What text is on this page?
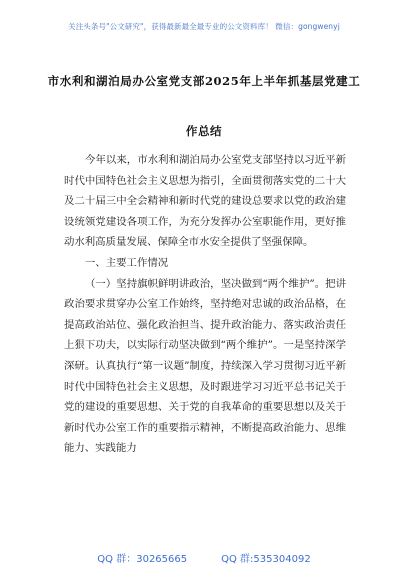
关注头条号"公文研究"，获得最新最全最专业的公文资料库！ 微信：gongwenyj
市水利和湖泊局办公室党支部2025年上半年抓基层党建工
作总结

今年以来，市水利和湖泊局办公室党支部坚持以习近平新时代中国特色社会主义思想为指引，全面贯彻落实党的二十大及二十届三中全会精神和新时代党的建设总要求以党的政治建设统领党建设各项工作，为充分发挥办公室职能作用，更好推动水利高质量发展、保障全市水安全提供了坚强保障。

一、主要工作情况

（一）坚持旗帜鲜明讲政治，坚决做到“两个维护”。把讲政治要求贯穿办公室工作始终，坚持绝对忠诚的政治品格，在提高政治站位、强化政治担当、提升政治能力、落实政治责任上狠下功夫，以实际行动坚决做到“两个维护”。一是坚持深学深研。认真执行“第一议题”制度，持续深入学习贯彻习近平新时代中国特色社会主义思想，及时跟进学习习近平总书记关于党的建设的重要思想、关于党的自我革命的重要思想以及关于新时代办公室工作的重要指示精神，不断提高政治能力、思维能力、实践能力

QQ 群：30265665	QQ 群:535304092
